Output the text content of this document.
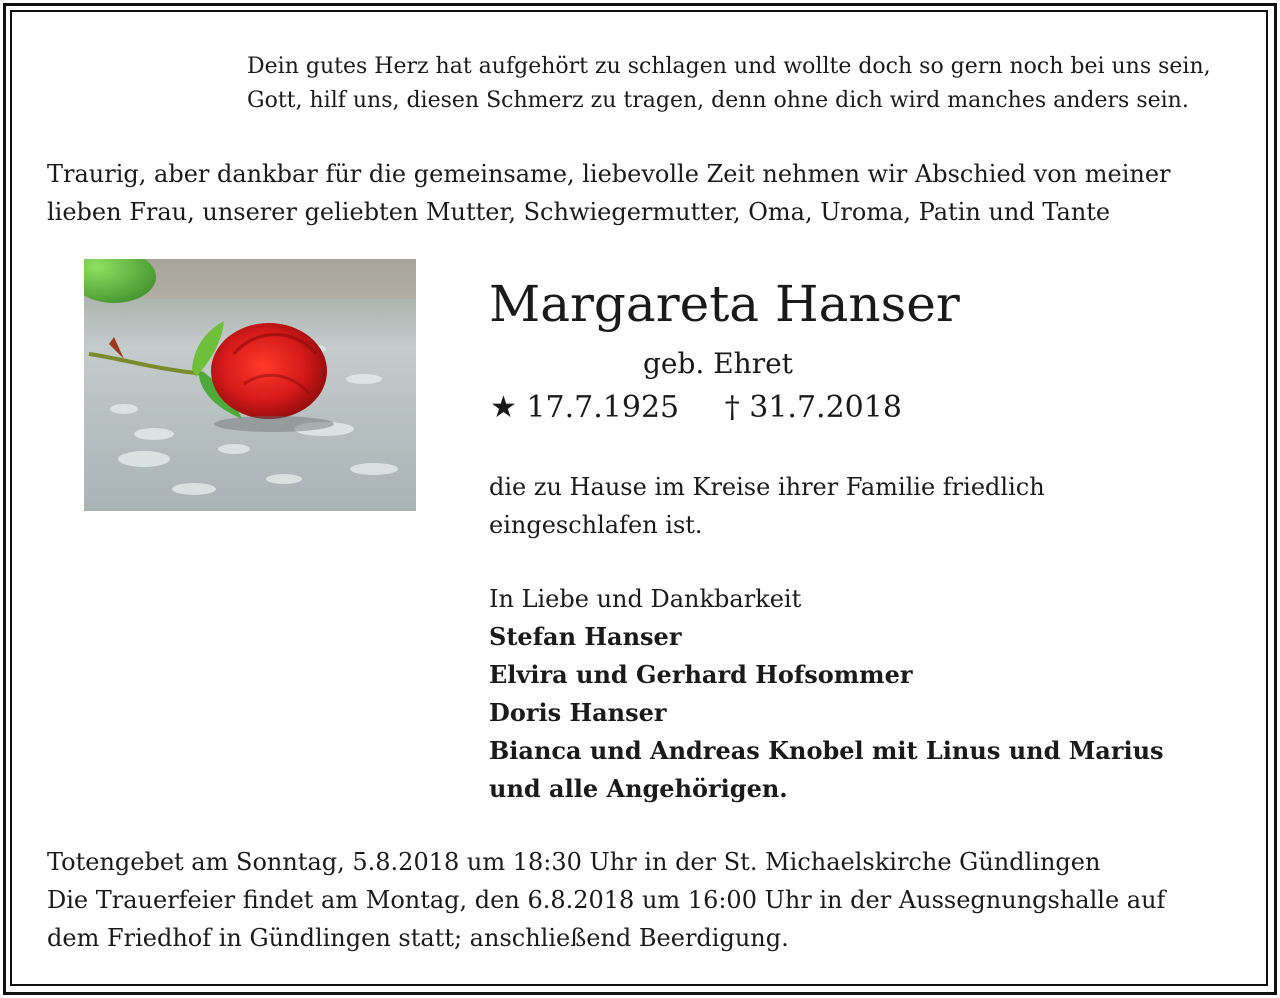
Dein gutes Herz hat aufgehört zu schlagen und wollte doch so gern noch bei uns sein,
Gott, hilf uns, diesen Schmerz zu tragen, denn ohne dich wird manches anders sein.
Traurig, aber dankbar für die gemeinsame, liebevolle Zeit nehmen wir Abschied von meiner
lieben Frau, unserer geliebten Mutter, Schwiegermutter, Oma, Uroma, Patin und Tante
Margareta Hanser
geb. Ehret
★ 17.7.1925 † 31.7.2018
die zu Hause im Kreise ihrer Familie friedlich
eingeschlafen ist.
In Liebe und Dankbarkeit
Stefan Hanser
Elvira und Gerhard Hofsommer
Doris Hanser
Bianca und Andreas Knobel mit Linus und Marius
und alle Angehörigen.
Totengebet am Sonntag, 5.8.2018 um 18:30 Uhr in der St. Michaelskirche Gündlingen
Die Trauerfeier findet am Montag, den 6.8.2018 um 16:00 Uhr in der Aussegnungshalle auf
dem Friedhof in Gündlingen statt; anschließend Beerdigung.
